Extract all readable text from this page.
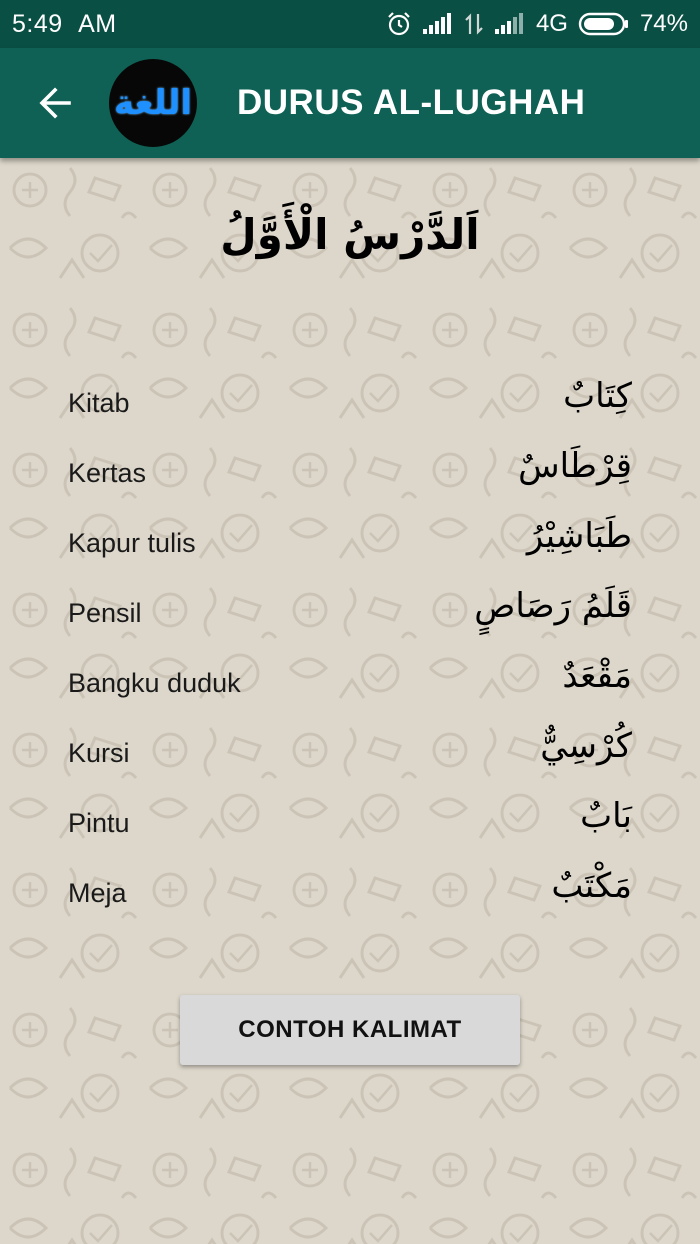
5:49 AM	4G	74%
اللغة DURUS AL-LUGHAH
اَلدَّرْسُ الْأَوَّلُ
Kitab	كِتَابٌ
Kertas	قِرْطَاسٌ
Kapur tulis	طَبَاشِيْرُ
Pensil	قَلَمُ رَصَاصٍ
Bangku duduk	مَقْعَدٌ
Kursi	كُرْسِيٌّ
Pintu	بَابٌ
Meja	مَكْتَبٌ
CONTOH KALIMAT
